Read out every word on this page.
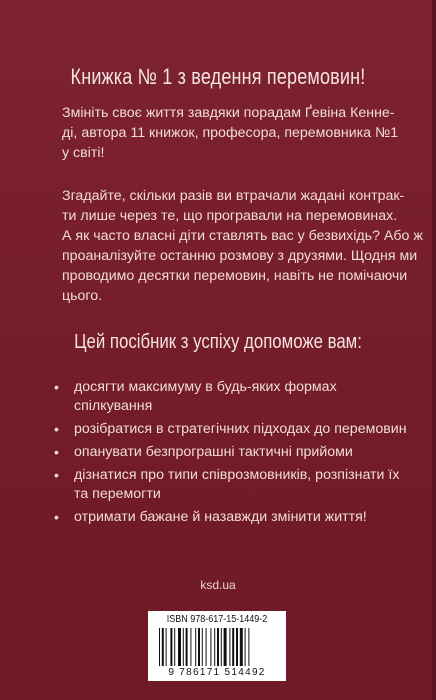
Книжка № 1 з ведення перемовин!
Змініть своє життя завдяки порадам Ґевіна Кенне-
ді, автора 11 книжок, професора, перемовника №1
у світі!
Згадайте, скільки разів ви втрачали жадані контрак-
ти лише через те, що програвали на перемовинах.
А як часто власні діти ставлять вас у безвихідь? Або ж
проаналізуйте останню розмову з друзями. Щодня ми
проводимо десятки перемовин, навіть не помічаючи
цього.
Цей посібник з успіху допоможе вам:
• досягти максимуму в будь-яких формах
спілкування
• розібратися в стратегічних підходах до перемовин
• опанувати безпрограшні тактичні прийоми
• дізнатися про типи співрозмовників, розпізнати їх
та перемогти
• отримати бажане й назавжди змінити життя!
ksd.ua
ISBN 978-617-15-1449-2
9 786171 514492
